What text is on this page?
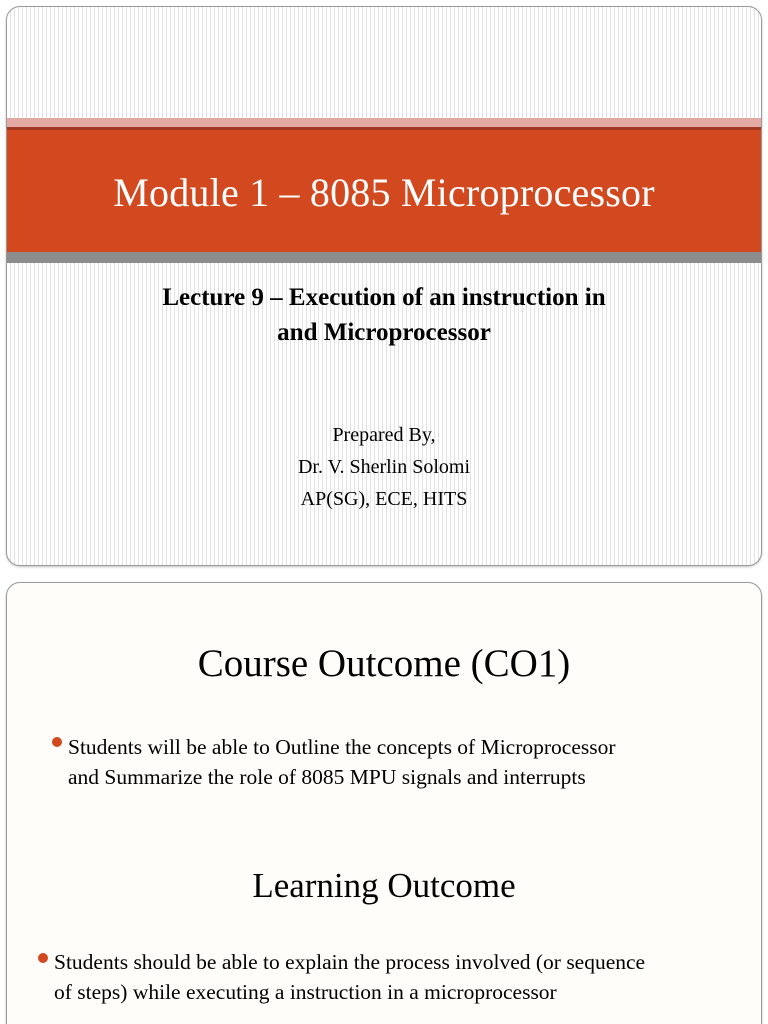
Module 1 – 8085 Microprocessor
Lecture 9 – Execution of an instruction in
and Microprocessor
Prepared By,
Dr. V. Sherlin Solomi
AP(SG), ECE, HITS
Course Outcome (CO1)
Students will be able to Outline the concepts of Microprocessor
and Summarize the role of 8085 MPU signals and interrupts
Learning Outcome
Students should be able to explain the process involved (or sequence
of steps) while executing a instruction in a microprocessor
